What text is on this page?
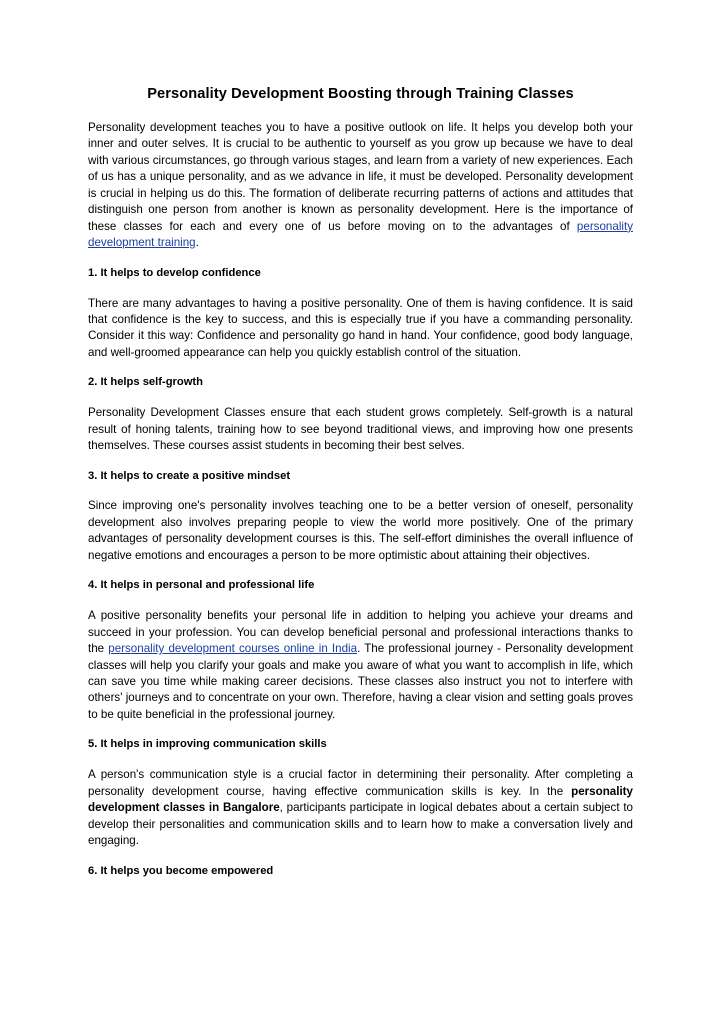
Personality Development Boosting through Training Classes

Personality development teaches you to have a positive outlook on life. It helps you develop both your inner and outer selves. It is crucial to be authentic to yourself as you grow up because we have to deal with various circumstances, go through various stages, and learn from a variety of new experiences. Each of us has a unique personality, and as we advance in life, it must be developed. Personality development is crucial in helping us do this. The formation of deliberate recurring patterns of actions and attitudes that distinguish one person from another is known as personality development. Here is the importance of these classes for each and every one of us before moving on to the advantages of personality development training.

1. It helps to develop confidence

There are many advantages to having a positive personality. One of them is having confidence. It is said that confidence is the key to success, and this is especially true if you have a commanding personality. Consider it this way: Confidence and personality go hand in hand. Your confidence, good body language, and well-groomed appearance can help you quickly establish control of the situation.

2. It helps self-growth

Personality Development Classes ensure that each student grows completely. Self-growth is a natural result of honing talents, training how to see beyond traditional views, and improving how one presents themselves. These courses assist students in becoming their best selves.

3. It helps to create a positive mindset

Since improving one's personality involves teaching one to be a better version of oneself, personality development also involves preparing people to view the world more positively. One of the primary advantages of personality development courses is this. The self-effort diminishes the overall influence of negative emotions and encourages a person to be more optimistic about attaining their objectives.

4. It helps in personal and professional life

A positive personality benefits your personal life in addition to helping you achieve your dreams and succeed in your profession. You can develop beneficial personal and professional interactions thanks to the personality development courses online in India. The professional journey - Personality development classes will help you clarify your goals and make you aware of what you want to accomplish in life, which can save you time while making career decisions. These classes also instruct you not to interfere with others' journeys and to concentrate on your own. Therefore, having a clear vision and setting goals proves to be quite beneficial in the professional journey.

5. It helps in improving communication skills

A person's communication style is a crucial factor in determining their personality. After completing a personality development course, having effective communication skills is key. In the personality development classes in Bangalore, participants participate in logical debates about a certain subject to develop their personalities and communication skills and to learn how to make a conversation lively and engaging.

6. It helps you become empowered
